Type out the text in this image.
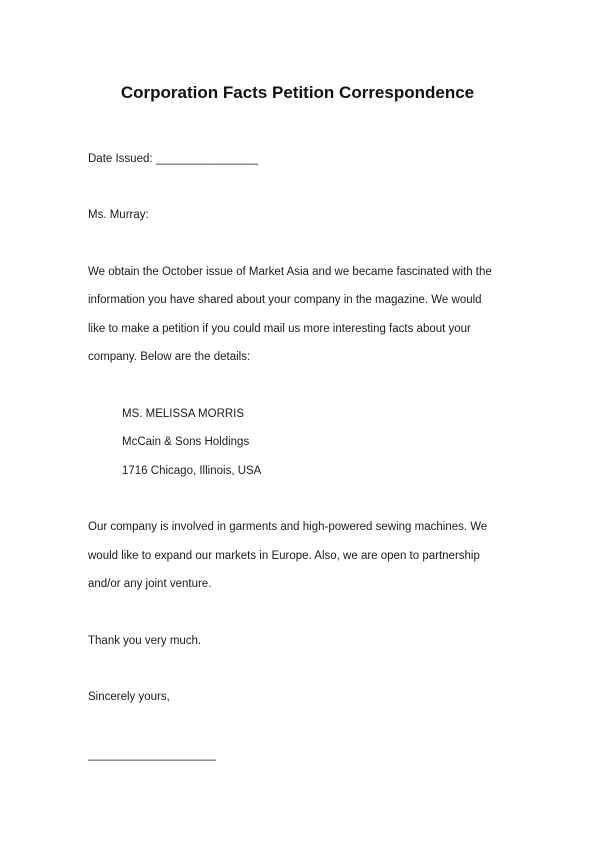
Corporation Facts Petition Correspondence
Date Issued: ________________
Ms. Murray:
We obtain the October issue of Market Asia and we became fascinated with the
information you have shared about your company in the magazine. We would
like to make a petition if you could mail us more interesting facts about your
company. Below are the details:
MS. MELISSA MORRIS
McCain & Sons Holdings
1716 Chicago, Illinois, USA
Our company is involved in garments and high-powered sewing machines. We
would like to expand our markets in Europe. Also, we are open to partnership
and/or any joint venture.
Thank you very much.
Sincerely yours,
____________________
